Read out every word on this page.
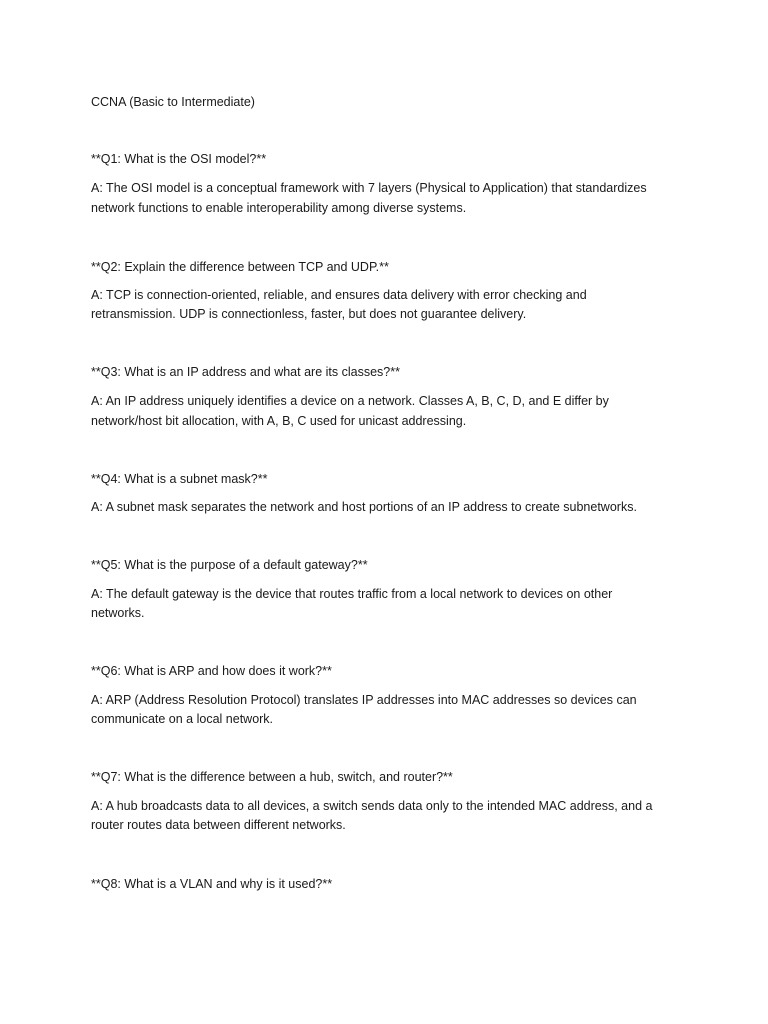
CCNA (Basic to Intermediate)

**Q1: What is the OSI model?**

A: The OSI model is a conceptual framework with 7 layers (Physical to Application) that standardizes

network functions to enable interoperability among diverse systems.

**Q2: Explain the difference between TCP and UDP.**

A: TCP is connection-oriented, reliable, and ensures data delivery with error checking and

retransmission. UDP is connectionless, faster, but does not guarantee delivery.

**Q3: What is an IP address and what are its classes?**

A: An IP address uniquely identifies a device on a network. Classes A, B, C, D, and E differ by

network/host bit allocation, with A, B, C used for unicast addressing.

**Q4: What is a subnet mask?**

A: A subnet mask separates the network and host portions of an IP address to create subnetworks.

**Q5: What is the purpose of a default gateway?**

A: The default gateway is the device that routes traffic from a local network to devices on other

networks.

**Q6: What is ARP and how does it work?**

A: ARP (Address Resolution Protocol) translates IP addresses into MAC addresses so devices can

communicate on a local network.

**Q7: What is the difference between a hub, switch, and router?**

A: A hub broadcasts data to all devices, a switch sends data only to the intended MAC address, and a

router routes data between different networks.

**Q8: What is a VLAN and why is it used?**
